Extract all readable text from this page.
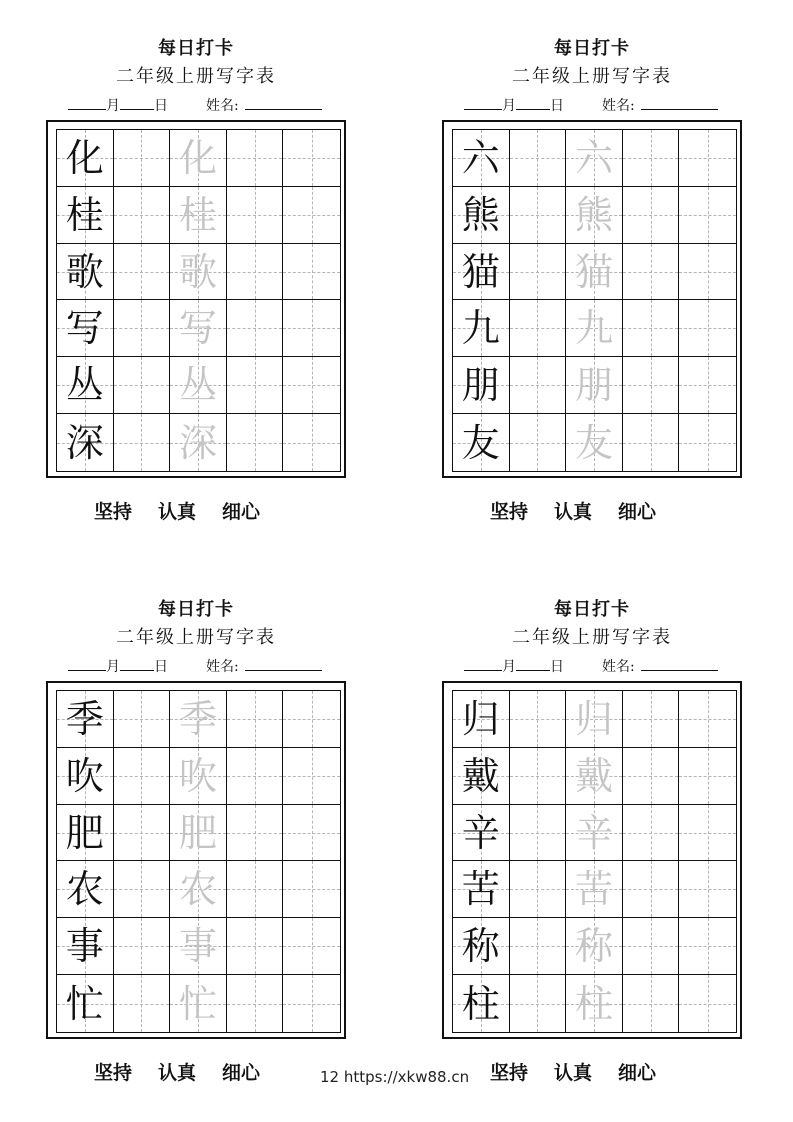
每日打卡
二年级上册写字表
月 日	姓名:
化 化
桂 桂
歌 歌
写 写
丛 丛
深 深
坚持 认真 细心
每日打卡
二年级上册写字表
月 日	姓名:
六 六
熊 熊
猫 猫
九 九
朋 朋
友 友
坚持 认真 细心
每日打卡
二年级上册写字表
月 日	姓名:
季 季
吹 吹
肥 肥
农 农
事 事
忙 忙
坚持 认真 细心
每日打卡
二年级上册写字表
月 日	姓名:
归 归
戴 戴
辛 辛
苦 苦
称 称
柱 柱
坚持 认真 细心
12 https://xkw88.cn
